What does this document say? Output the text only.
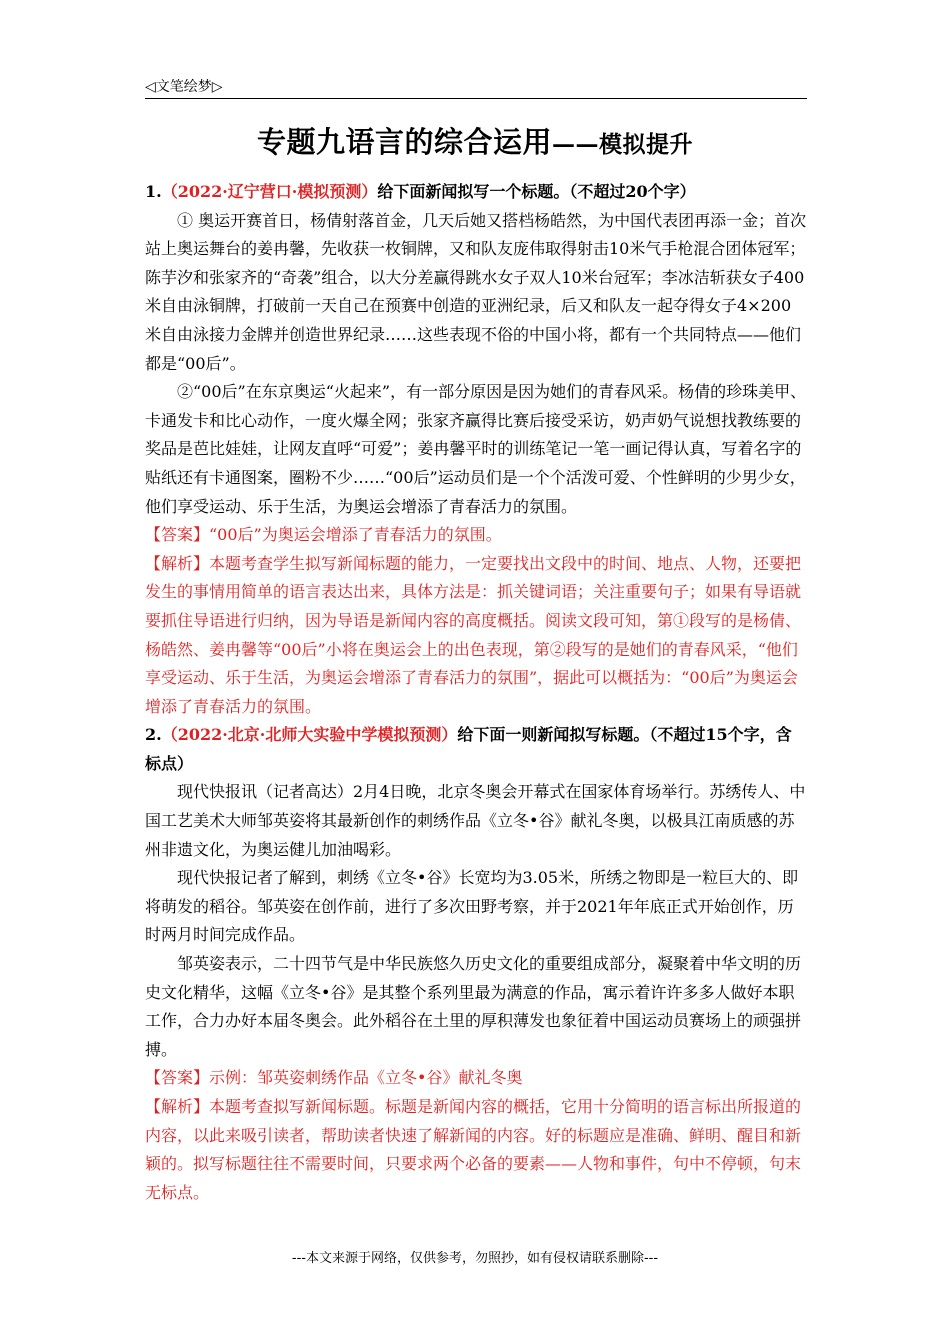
◁文笔绘梦▷
专题九语言的综合运用——模拟提升

1.（2022·辽宁营口·模拟预测）给下面新闻拟写一个标题。（不超过20个字）

① 奥运开赛首日，杨倩射落首金，几天后她又搭档杨皓然，为中国代表团再添一金；首次站上奥运舞台的姜冉馨，先收获一枚铜牌，又和队友庞伟取得射击10米气手枪混合团体冠军；陈芋汐和张家齐的“奇袭”组合，以大分差赢得跳水女子双人10米台冠军；李冰洁斩获女子400米自由泳铜牌，打破前一天自己在预赛中创造的亚洲纪录，后又和队友一起夺得女子4×200米自由泳接力金牌并创造世界纪录……这些表现不俗的中国小将，都有一个共同特点——他们都是“00后”。

②“00后”在东京奥运“火起来”，有一部分原因是因为她们的青春风采。杨倩的珍珠美甲、卡通发卡和比心动作，一度火爆全网；张家齐赢得比赛后接受采访，奶声奶气说想找教练要的奖品是芭比娃娃，让网友直呼“可爱”；姜冉馨平时的训练笔记一笔一画记得认真，写着名字的贴纸还有卡通图案，圈粉不少……“00后”运动员们是一个个活泼可爱、个性鲜明的少男少女，他们享受运动、乐于生活，为奥运会增添了青春活力的氛围。

【答案】“00后”为奥运会增添了青春活力的氛围。

【解析】本题考查学生拟写新闻标题的能力，一定要找出文段中的时间、地点、人物，还要把发生的事情用简单的语言表达出来，具体方法是：抓关键词语；关注重要句子；如果有导语就要抓住导语进行归纳，因为导语是新闻内容的高度概括。阅读文段可知，第①段写的是杨倩、杨皓然、姜冉馨等“00后”小将在奥运会上的出色表现，第②段写的是她们的青春风采，“他们享受运动、乐于生活，为奥运会增添了青春活力的氛围”，据此可以概括为：“00后”为奥运会增添了青春活力的氛围。

2.（2022·北京·北师大实验中学模拟预测）给下面一则新闻拟写标题。（不超过15个字，含标点）

现代快报讯（记者高达）2月4日晚，北京冬奥会开幕式在国家体育场举行。苏绣传人、中国工艺美术大师邹英姿将其最新创作的刺绣作品《立冬•谷》献礼冬奥，以极具江南质感的苏州非遗文化，为奥运健儿加油喝彩。

现代快报记者了解到，刺绣《立冬•谷》长宽均为3.05米，所绣之物即是一粒巨大的、即将萌发的稻谷。邹英姿在创作前，进行了多次田野考察，并于2021年年底正式开始创作，历时两月时间完成作品。

邹英姿表示，二十四节气是中华民族悠久历史文化的重要组成部分，凝聚着中华文明的历史文化精华，这幅《立冬•谷》是其整个系列里最为满意的作品，寓示着许许多多人做好本职工作，合力办好本届冬奥会。此外稻谷在土里的厚积薄发也象征着中国运动员赛场上的顽强拼搏。

【答案】示例：邹英姿刺绣作品《立冬•谷》献礼冬奥

【解析】本题考查拟写新闻标题。标题是新闻内容的概括，它用十分简明的语言标出所报道的内容，以此来吸引读者，帮助读者快速了解新闻的内容。好的标题应是准确、鲜明、醒目和新颖的。拟写标题往往不需要时间，只要求两个必备的要素——人物和事件，句中不停顿，句末无标点。

---本文来源于网络，仅供参考，勿照抄，如有侵权请联系删除---
